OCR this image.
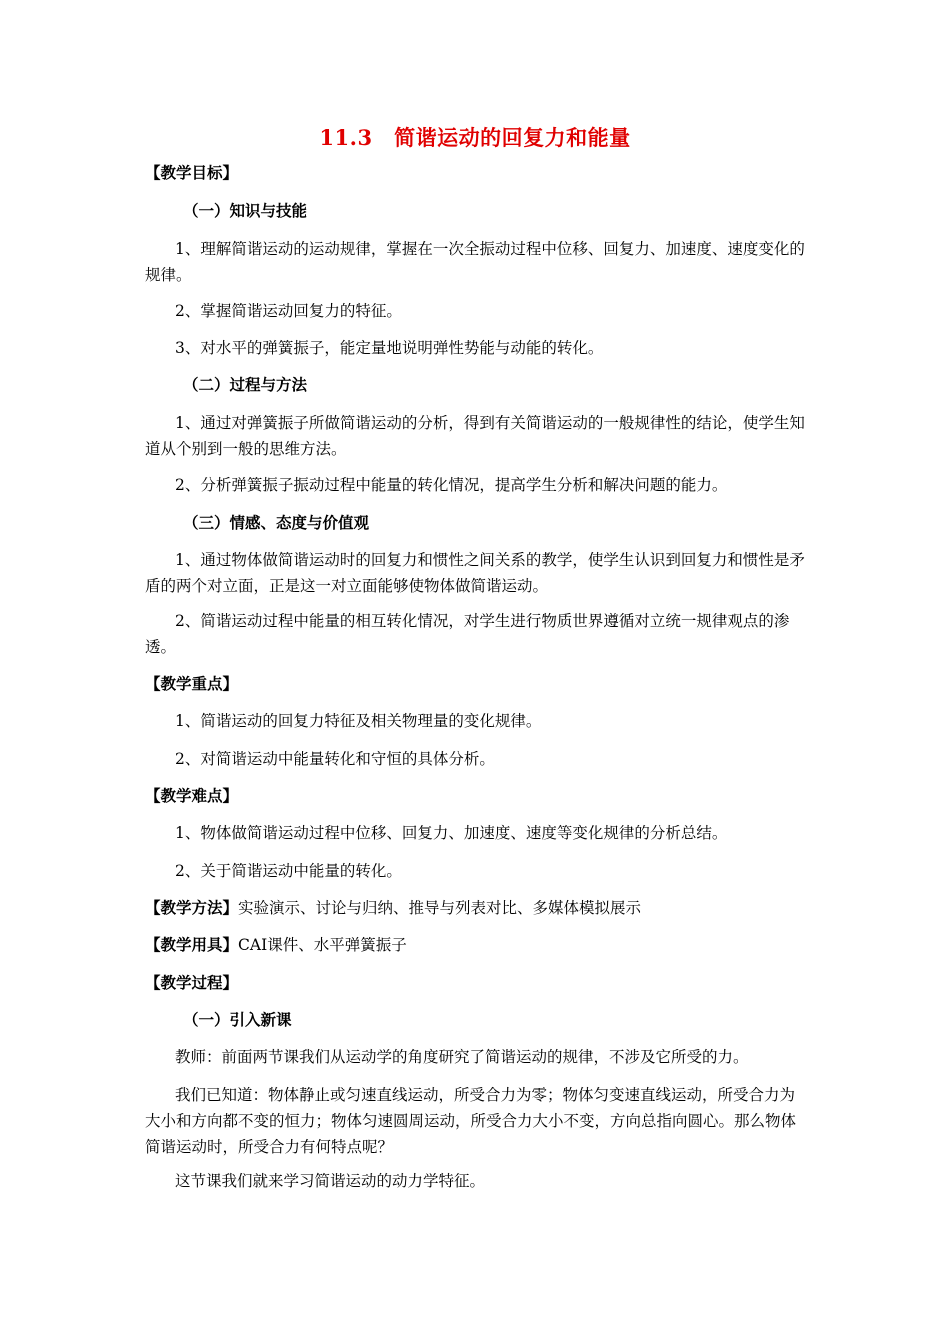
11.3　简谐运动的回复力和能量
【教学目标】
（一）知识与技能
1、理解简谐运动的运动规律，掌握在一次全振动过程中位移、回复力、加速度、速度变化的规律。
2、掌握简谐运动回复力的特征。
3、对水平的弹簧振子，能定量地说明弹性势能与动能的转化。
（二）过程与方法
1、通过对弹簧振子所做简谐运动的分析，得到有关简谐运动的一般规律性的结论，使学生知道从个别到一般的思维方法。
2、分析弹簧振子振动过程中能量的转化情况，提高学生分析和解决问题的能力。
（三）情感、态度与价值观
1、通过物体做简谐运动时的回复力和惯性之间关系的教学，使学生认识到回复力和惯性是矛盾的两个对立面，正是这一对立面能够使物体做简谐运动。
2、简谐运动过程中能量的相互转化情况，对学生进行物质世界遵循对立统一规律观点的渗透。
【教学重点】
1、简谐运动的回复力特征及相关物理量的变化规律。
2、对简谐运动中能量转化和守恒的具体分析。
【教学难点】
1、物体做简谐运动过程中位移、回复力、加速度、速度等变化规律的分析总结。
2、关于简谐运动中能量的转化。
【教学方法】实验演示、讨论与归纳、推导与列表对比、多媒体模拟展示
【教学用具】CAI课件、水平弹簧振子
【教学过程】
（一）引入新课
教师：前面两节课我们从运动学的角度研究了简谐运动的规律，不涉及它所受的力。
我们已知道：物体静止或匀速直线运动，所受合力为零；物体匀变速直线运动，所受合力为大小和方向都不变的恒力；物体匀速圆周运动，所受合力大小不变，方向总指向圆心。那么物体简谐运动时，所受合力有何特点呢？
这节课我们就来学习简谐运动的动力学特征。
